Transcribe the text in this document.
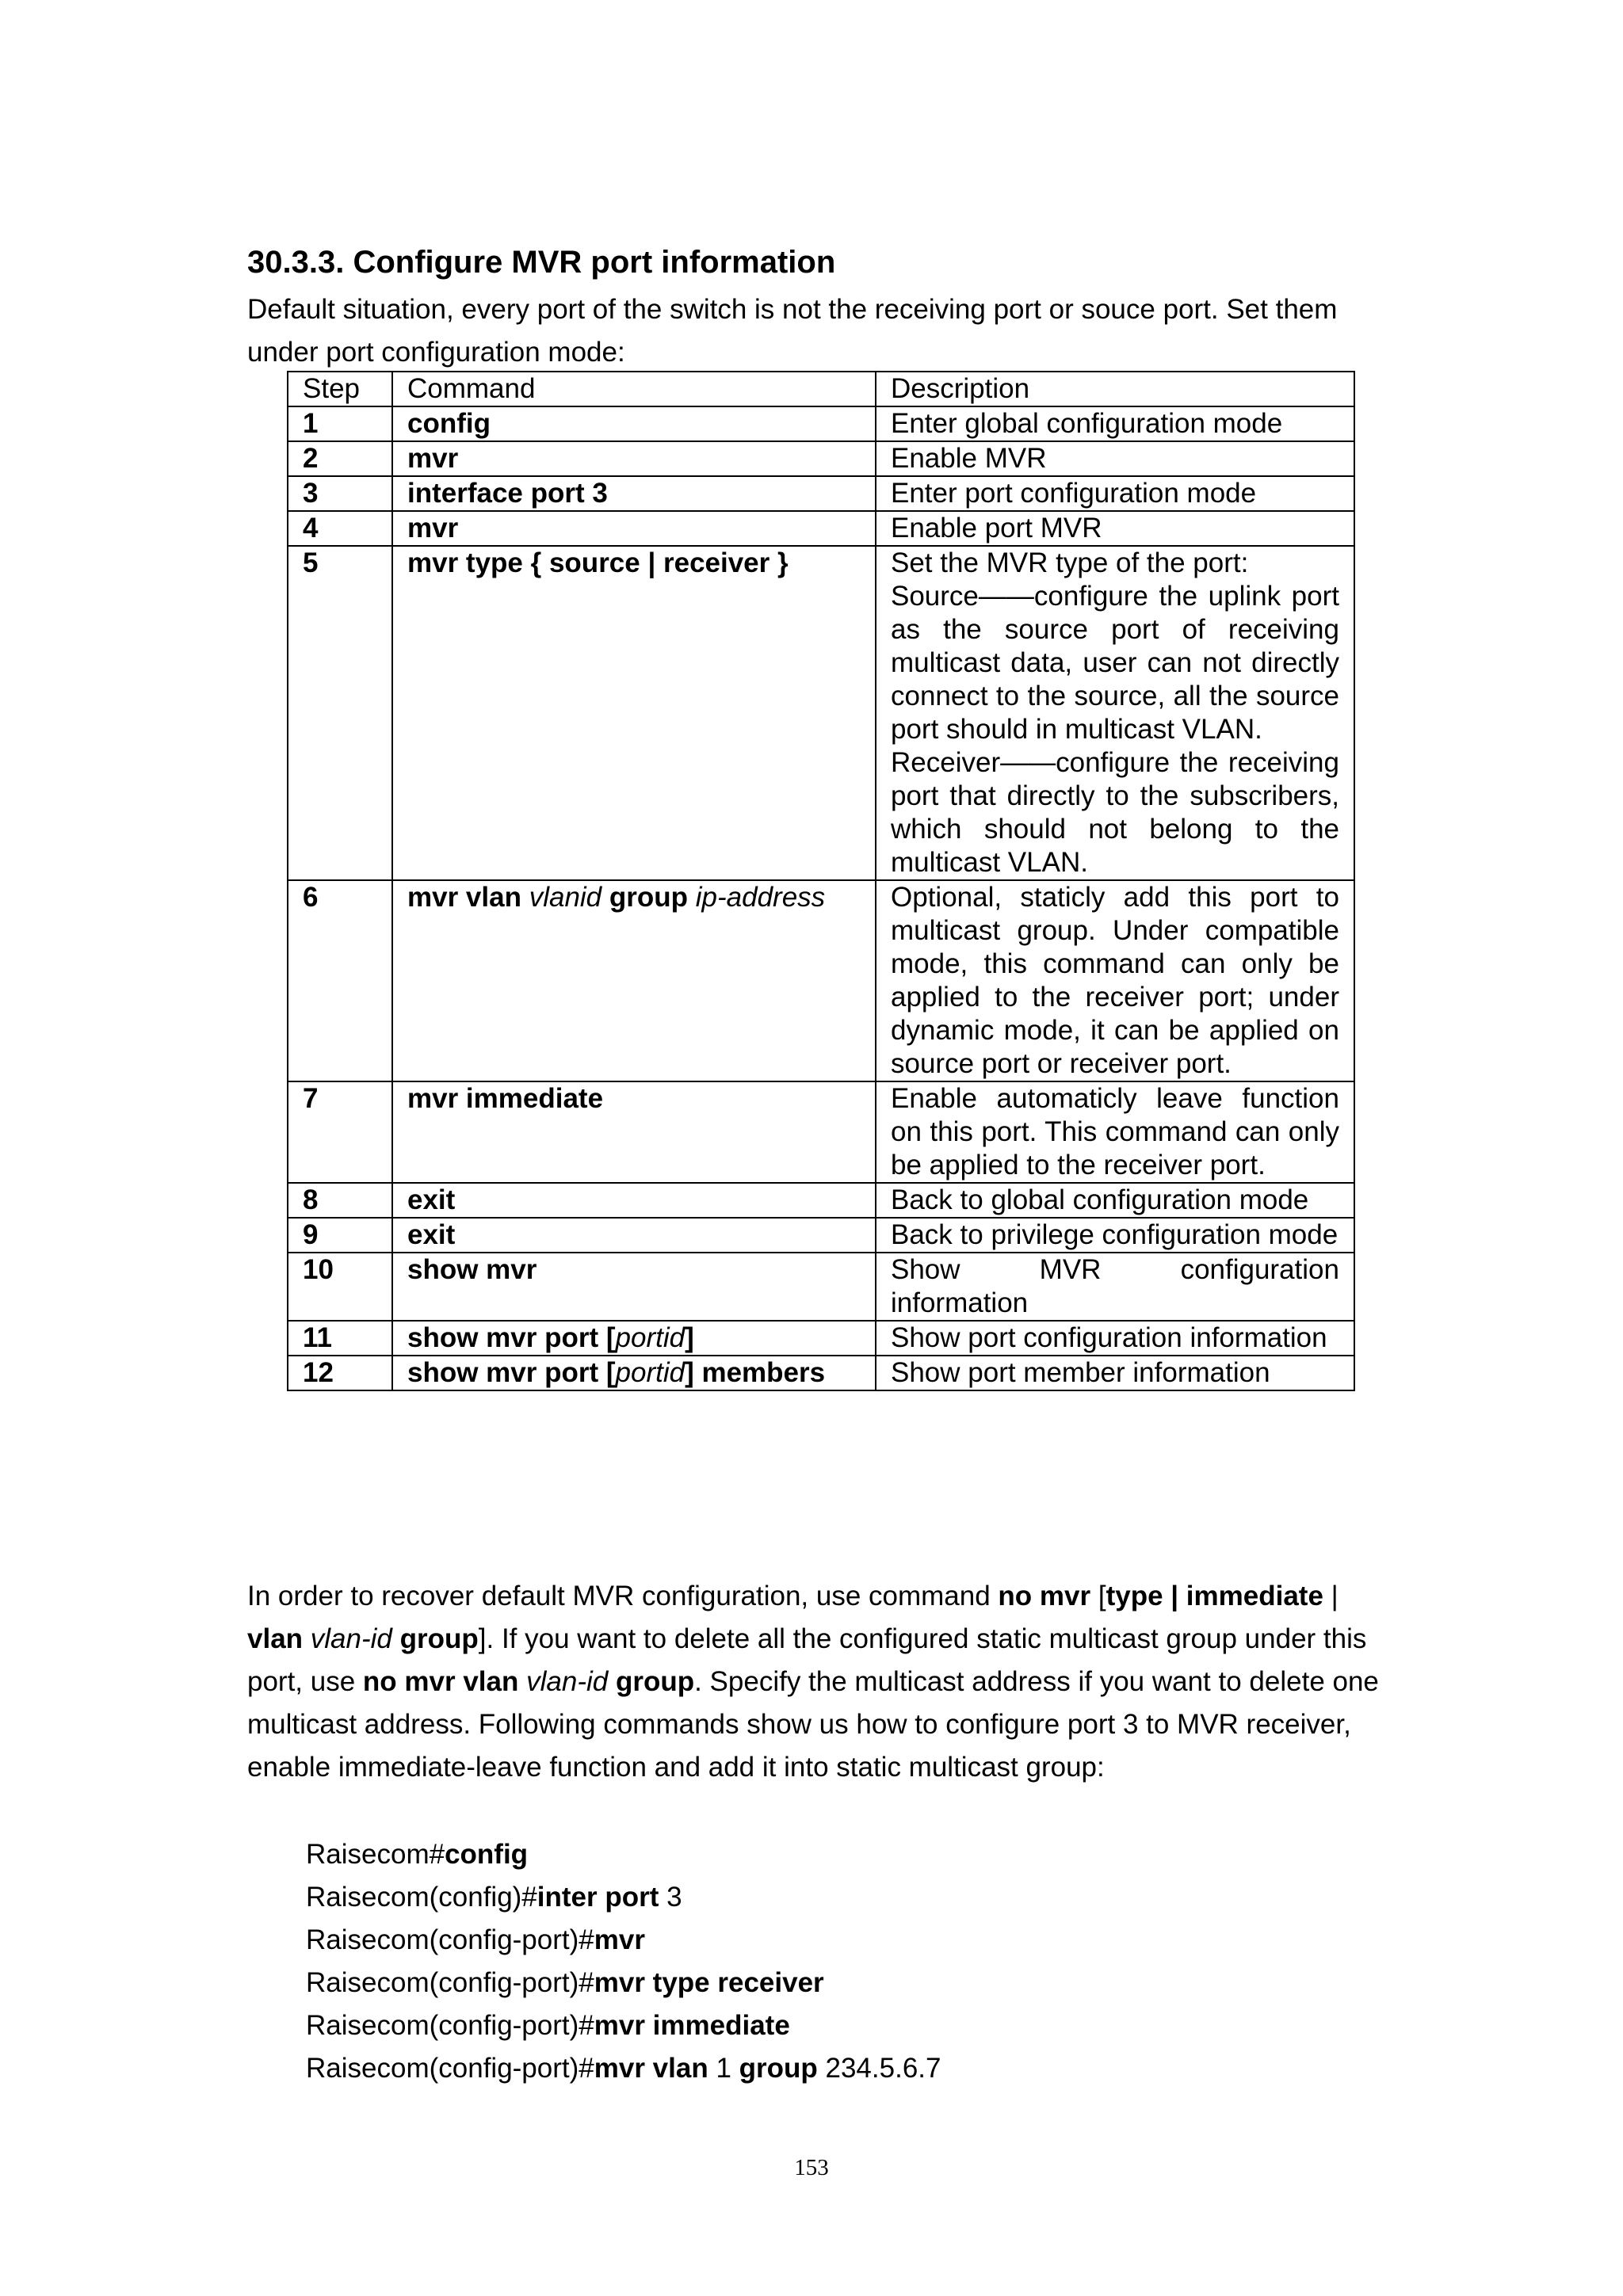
30.3.3. Configure MVR port information

Default situation, every port of the switch is not the receiving port or souce port. Set them under port configuration mode:

Step	Command	Description
1	config	Enter global configuration mode

2	mvr	Enable MVR

3	interface port 3	Enter port configuration mode

4	mvr	Enable port MVR

5	mvr type { source | receiver }	Set the MVR type of the port:
Source——configure the uplink port as the source port of receiving multicast data, user can not directly connect to the source, all the source port should in multicast VLAN.
Receiver——configure the receiving port that directly to the subscribers, which should not belong to the multicast VLAN.

6	mvr vlan vlanid group ip-address	Optional, staticly add this port to multicast group. Under compatible mode, this command can only be applied to the receiver port; under dynamic mode, it can be applied on source port or receiver port.

7	mvr immediate	Enable automaticly leave function on this port. This command can only be applied to the receiver port.

8	exit	Back to global configuration mode

9	exit	Back to privilege configuration mode

10	show mvr	Show MVR configuration information

11	show mvr port [portid]	Show port configuration information

12	show mvr port [portid] members	Show port member information

In order to recover default MVR configuration, use command no mvr [type | immediate | vlan vlan-id group]. If you want to delete all the configured static multicast group under this port, use no mvr vlan vlan-id group. Specify the multicast address if you want to delete one multicast address. Following commands show us how to configure port 3 to MVR receiver, enable immediate-leave function and add it into static multicast group:

Raisecom#config
Raisecom(config)#inter port 3
Raisecom(config-port)#mvr
Raisecom(config-port)#mvr type receiver
Raisecom(config-port)#mvr immediate
Raisecom(config-port)#mvr vlan 1 group 234.5.6.7
153
